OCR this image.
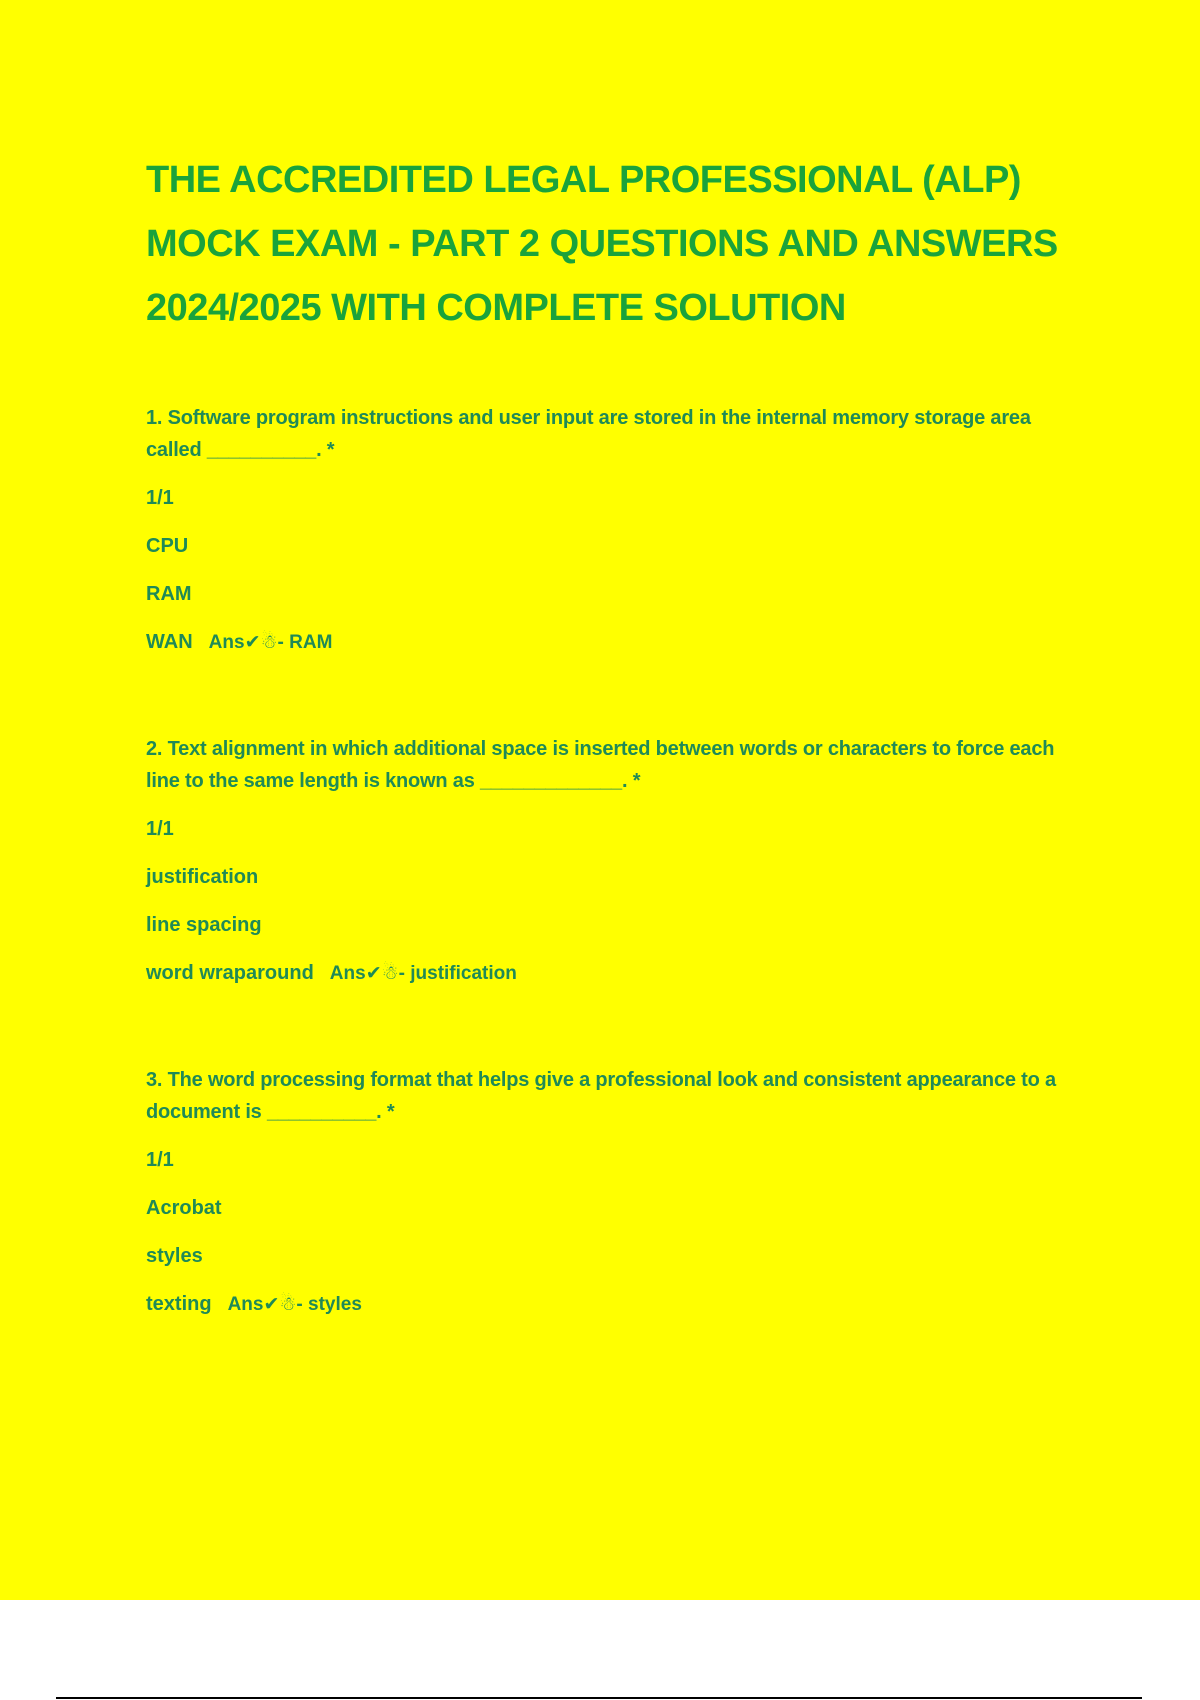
THE ACCREDITED LEGAL PROFESSIONAL (ALP) MOCK EXAM - PART 2 QUESTIONS AND ANSWERS 2024/2025 WITH COMPLETE SOLUTION

1. Software program instructions and user input are stored in the internal memory storage area called __________. *

1/1

CPU

RAM

WAN Ans✔☃- RAM

2. Text alignment in which additional space is inserted between words or characters to force each line to the same length is known as _____________. *

1/1

justification

line spacing

word wraparound Ans✔☃- justification

3. The word processing format that helps give a professional look and consistent appearance to a document is __________. *

1/1

Acrobat

styles

texting Ans✔☃- styles
